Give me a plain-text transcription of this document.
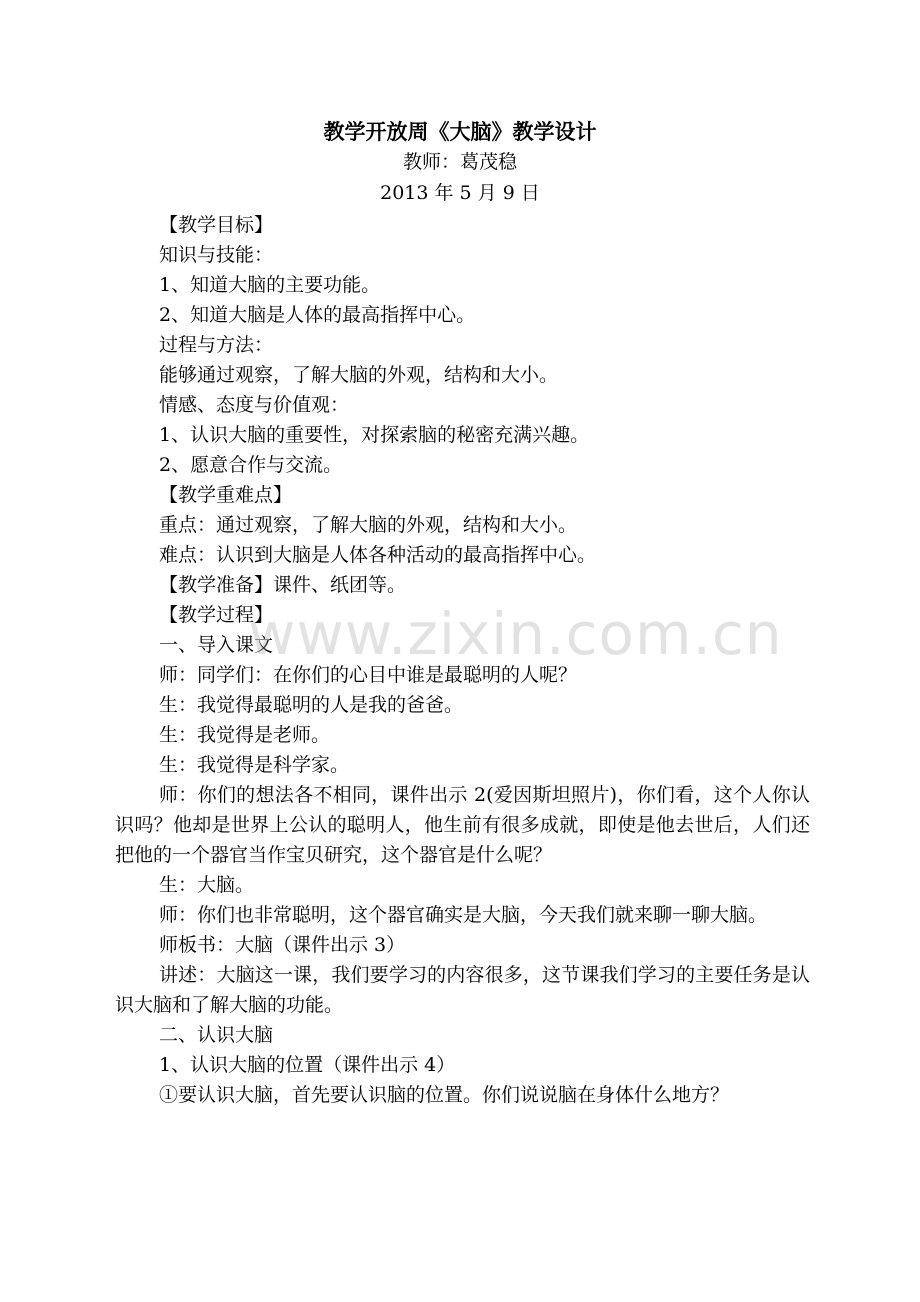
教学开放周《大脑》教学设计
教师：葛茂稳
2013 年 5 月 9 日
【教学目标】
知识与技能：
1、知道大脑的主要功能。
2、知道大脑是人体的最高指挥中心。
过程与方法：
能够通过观察，了解大脑的外观，结构和大小。
情感、态度与价值观：
1、认识大脑的重要性，对探索脑的秘密充满兴趣。
2、愿意合作与交流。
【教学重难点】
重点：通过观察，了解大脑的外观，结构和大小。
难点：认识到大脑是人体各种活动的最高指挥中心。
【教学准备】课件、纸团等。
【教学过程】
一、导入课文
师：同学们：在你们的心目中谁是最聪明的人呢？
生：我觉得最聪明的人是我的爸爸。
生：我觉得是老师。
生：我觉得是科学家。
师：你们的想法各不相同，课件出示 2(爱因斯坦照片)，你们看，这个人你认识吗？他却是世界上公认的聪明人，他生前有很多成就，即使是他去世后，人们还把他的一个器官当作宝贝研究，这个器官是什么呢？
生：大脑。
师：你们也非常聪明，这个器官确实是大脑，今天我们就来聊一聊大脑。
师板书：大脑（课件出示 3）
讲述：大脑这一课，我们要学习的内容很多，这节课我们学习的主要任务是认识大脑和了解大脑的功能。
二、认识大脑
1、认识大脑的位置（课件出示 4）
①要认识大脑，首先要认识脑的位置。你们说说脑在身体什么地方？
www.zixin.com.cn
